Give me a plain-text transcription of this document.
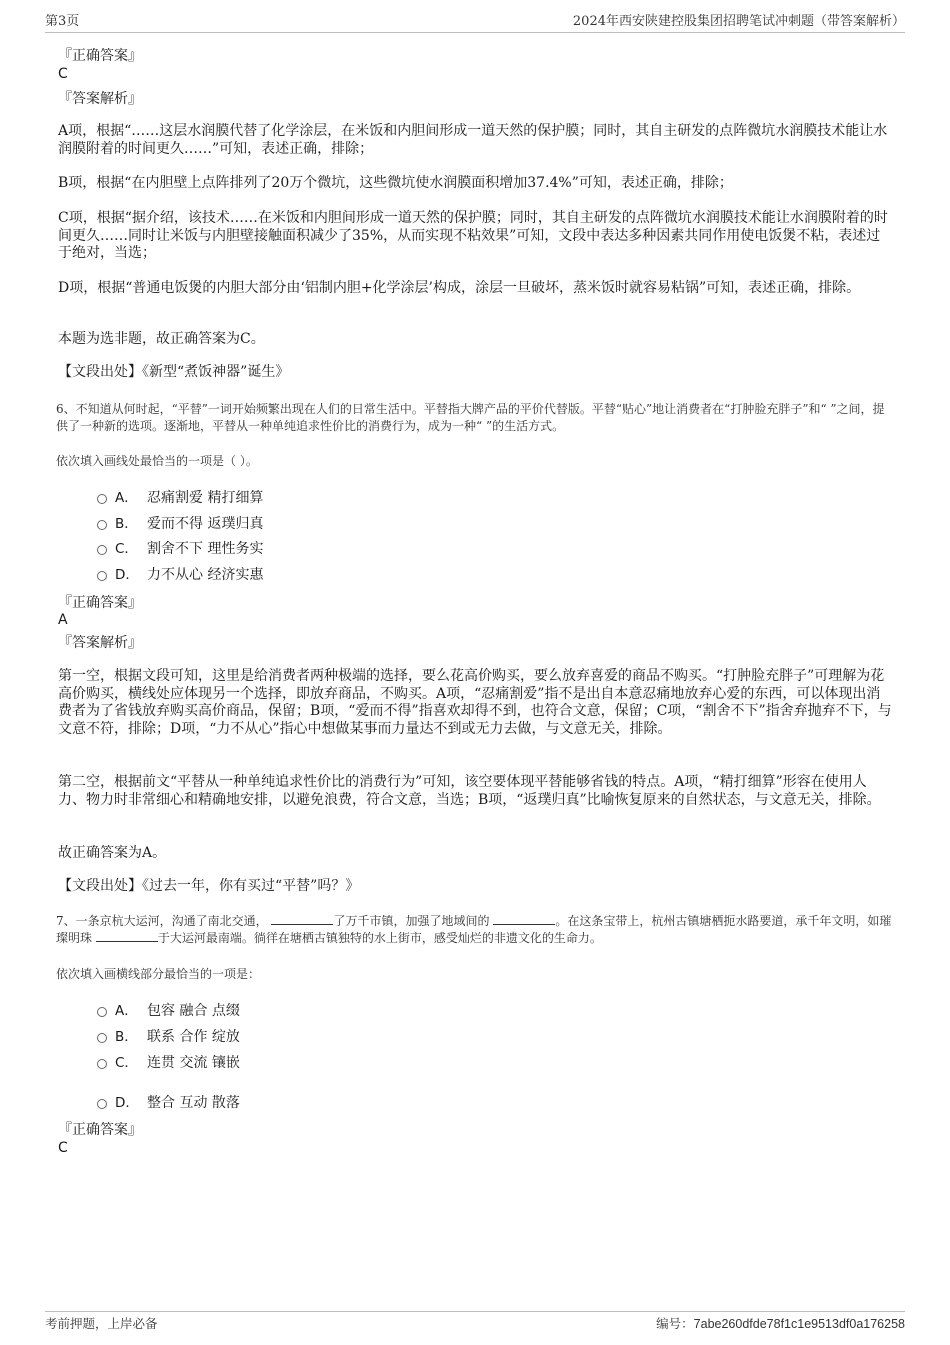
第3页	2024年西安陕建控股集团招聘笔试冲刺题（带答案解析）

『正确答案』

C

『答案解析』

A项，根据“……这层水润膜代替了化学涂层，在米饭和内胆间形成一道天然的保护膜；同时，其自主研发的点阵微坑水润膜技术能让水润膜附着的时间更久……”可知，表述正确，排除；

B项，根据“在内胆壁上点阵排列了20万个微坑，这些微坑使水润膜面积增加37.4%”可知，表述正确，排除；

C项，根据“据介绍，该技术……在米饭和内胆间形成一道天然的保护膜；同时，其自主研发的点阵微坑水润膜技术能让水润膜附着的时间更久……同时让米饭与内胆壁接触面积减少了35%，从而实现不粘效果”可知，文段中表达多种因素共同作用使电饭煲不粘，表述过于绝对，当选；

D项，根据“普通电饭煲的内胆大部分由‘铝制内胆+化学涂层’构成，涂层一旦破坏，蒸米饭时就容易粘锅”可知，表述正确，排除。

本题为选非题，故正确答案为C。

【文段出处】《新型“煮饭神器”诞生》

6、不知道从何时起，“平替”一词开始频繁出现在人们的日常生活中。平替指大牌产品的平价代替版。平替“贴心”地让消费者在“打肿脸充胖子”和“ ”之间，提供了一种新的选项。逐渐地，平替从一种单纯追求性价比的消费行为，成为一种“ ”的生活方式。

依次填入画线处最恰当的一项是（ ）。

A． 忍痛割爱 精打细算
B． 爱而不得 返璞归真
C． 割舍不下 理性务实
D． 力不从心 经济实惠

『正确答案』

A

『答案解析』

第一空，根据文段可知，这里是给消费者两种极端的选择，要么花高价购买，要么放弃喜爱的商品不购买。“打肿脸充胖子”可理解为花高价购买，横线处应体现另一个选择，即放弃商品，不购买。A项，“忍痛割爱”指不是出自本意忍痛地放弃心爱的东西，可以体现出消费者为了省钱放弃购买高价商品，保留；B项，“爱而不得”指喜欢却得不到，也符合文意，保留；C项，“割舍不下”指舍弃抛弃不下，与文意不符，排除；D项，“力不从心”指心中想做某事而力量达不到或无力去做，与文意无关，排除。

第二空，根据前文“平替从一种单纯追求性价比的消费行为”可知，该空要体现平替能够省钱的特点。A项，“精打细算”形容在使用人力、物力时非常细心和精确地安排，以避免浪费，符合文意，当选；B项，“返璞归真”比喻恢复原来的自然状态，与文意无关，排除。

故正确答案为A。

【文段出处】《过去一年，你有买过“平替”吗？》

7、一条京杭大运河，沟通了南北交通，	了万千市镇，加强了地域间的	。在这条宝带上，杭州古镇塘栖扼水路要道，承千年文明，如璀璨明珠	于大运河最南端。徜徉在塘栖古镇独特的水上街市，感受灿烂的非遗文化的生命力。

依次填入画横线部分最恰当的一项是：

A． 包容 融合 点缀
B． 联系 合作 绽放
C． 连贯 交流 镶嵌
D． 整合 互动 散落

『正确答案』

C

考前押题，上岸必备	编号：7abe260dfde78f1c1e9513df0a176258
